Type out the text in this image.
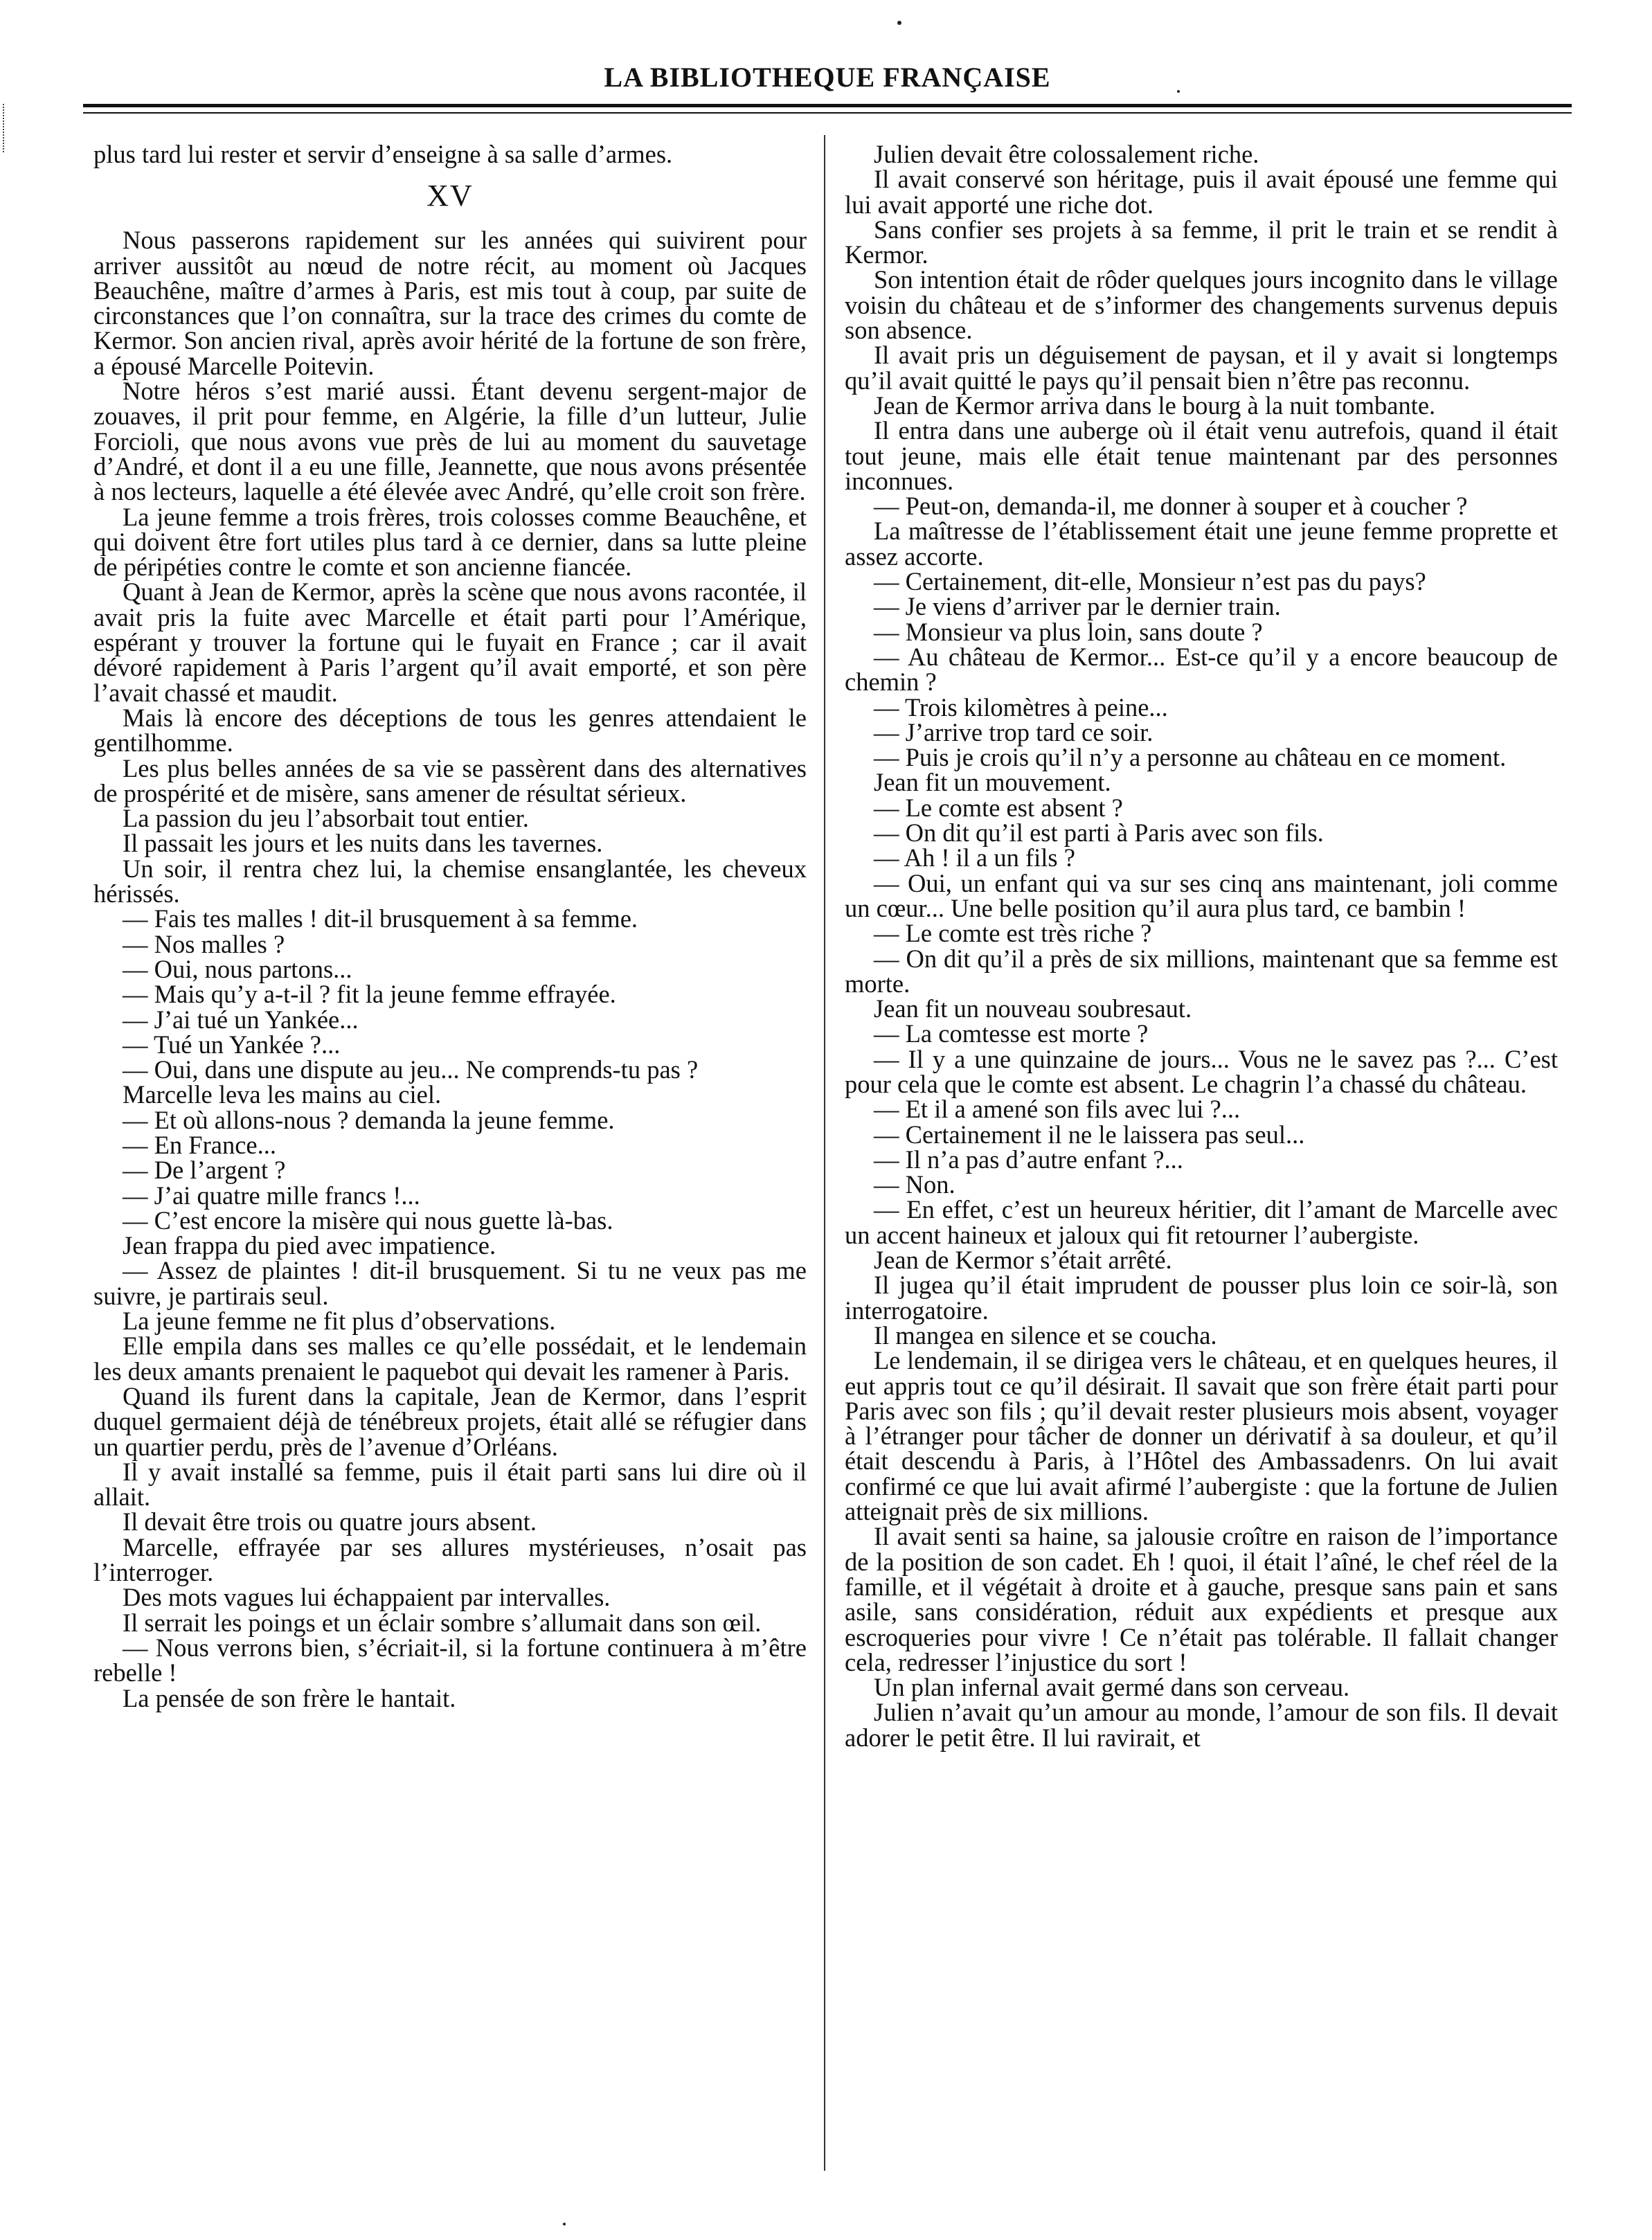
LA BIBLIOTHEQUE FRANÇAISE

plus tard lui rester et servir d’enseigne à sa salle d’armes.

XV

Nous passerons rapidement sur les années qui suivirent pour arriver aussitôt au nœud de notre récit, au moment où Jacques Beauchêne, maître d’armes à Paris, est mis tout à coup, par suite de circonstances que l’on connaîtra, sur la trace des crimes du comte de Kermor. Son ancien rival, après avoir hérité de la fortune de son frère, a épousé Marcelle Poitevin.

Notre héros s’est marié aussi. Étant devenu sergent-major de zouaves, il prit pour femme, en Algérie, la fille d’un lutteur, Julie Forcioli, que nous avons vue près de lui au moment du sauvetage d’André, et dont il a eu une fille, Jeannette, que nous avons présentée à nos lecteurs, laquelle a été élevée avec André, qu’elle croit son frère.

La jeune femme a trois frères, trois colosses comme Beauchêne, et qui doivent être fort utiles plus tard à ce dernier, dans sa lutte pleine de péripéties contre le comte et son ancienne fiancée.

Quant à Jean de Kermor, après la scène que nous avons racontée, il avait pris la fuite avec Marcelle et était parti pour l’Amérique, espérant y trouver la fortune qui le fuyait en France ; car il avait dévoré rapidement à Paris l’argent qu’il avait emporté, et son père l’avait chassé et maudit.

Mais là encore des déceptions de tous les genres attendaient le gentilhomme.

Les plus belles années de sa vie se passèrent dans des alternatives de prospérité et de misère, sans amener de résultat sérieux.

La passion du jeu l’absorbait tout entier.

Il passait les jours et les nuits dans les tavernes.

Un soir, il rentra chez lui, la chemise ensanglantée, les cheveux hérissés.

— Fais tes malles ! dit-il brusquement à sa femme.

— Nos malles ?

— Oui, nous partons...

— Mais qu’y a-t-il ? fit la jeune femme effrayée.

— J’ai tué un Yankée...

— Tué un Yankée ?...

— Oui, dans une dispute au jeu... Ne comprends-tu pas ?

Marcelle leva les mains au ciel.

— Et où allons-nous ? demanda la jeune femme.

— En France...

— De l’argent ?

— J’ai quatre mille francs !...

— C’est encore la misère qui nous guette là-bas.

Jean frappa du pied avec impatience.

— Assez de plaintes ! dit-il brusquement. Si tu ne veux pas me suivre, je partirais seul.

La jeune femme ne fit plus d’observations.

Elle empila dans ses malles ce qu’elle possédait, et le lendemain les deux amants prenaient le paquebot qui devait les ramener à Paris.

Quand ils furent dans la capitale, Jean de Kermor, dans l’esprit duquel germaient déjà de ténébreux projets, était allé se réfugier dans un quartier perdu, près de l’avenue d’Orléans.

Il y avait installé sa femme, puis il était parti sans lui dire où il allait.

Il devait être trois ou quatre jours absent.

Marcelle, effrayée par ses allures mystérieuses, n’osait pas l’interroger.

Des mots vagues lui échappaient par intervalles.

Il serrait les poings et un éclair sombre s’allumait dans son œil.

— Nous verrons bien, s’écriait-il, si la fortune continuera à m’être rebelle !

La pensée de son frère le hantait.

Julien devait être colossalement riche.

Il avait conservé son héritage, puis il avait épousé une femme qui lui avait apporté une riche dot.

Sans confier ses projets à sa femme, il prit le train et se rendit à Kermor.

Son intention était de rôder quelques jours incognito dans le village voisin du château et de s’informer des changements survenus depuis son absence.

Il avait pris un déguisement de paysan, et il y avait si longtemps qu’il avait quitté le pays qu’il pensait bien n’être pas reconnu.

Jean de Kermor arriva dans le bourg à la nuit tombante.

Il entra dans une auberge où il était venu autrefois, quand il était tout jeune, mais elle était tenue maintenant par des personnes inconnues.

— Peut-on, demanda-il, me donner à souper et à coucher ?

La maîtresse de l’établissement était une jeune femme proprette et assez accorte.

— Certainement, dit-elle, Monsieur n’est pas du pays?

— Je viens d’arriver par le dernier train.

— Monsieur va plus loin, sans doute ?

— Au château de Kermor... Est-ce qu’il y a encore beaucoup de chemin ?

— Trois kilomètres à peine...

— J’arrive trop tard ce soir.

— Puis je crois qu’il n’y a personne au château en ce moment.

Jean fit un mouvement.

— Le comte est absent ?

— On dit qu’il est parti à Paris avec son fils.

— Ah ! il a un fils ?

— Oui, un enfant qui va sur ses cinq ans maintenant, joli comme un cœur... Une belle position qu’il aura plus tard, ce bambin !

— Le comte est très riche ?

— On dit qu’il a près de six millions, maintenant que sa femme est morte.

Jean fit un nouveau soubresaut.

— La comtesse est morte ?

— Il y a une quinzaine de jours... Vous ne le savez pas ?... C’est pour cela que le comte est absent. Le chagrin l’a chassé du château.

— Et il a amené son fils avec lui ?...

— Certainement il ne le laissera pas seul...

— Il n’a pas d’autre enfant ?...

— Non.

— En effet, c’est un heureux héritier, dit l’amant de Marcelle avec un accent haineux et jaloux qui fit retourner l’aubergiste.

Jean de Kermor s’était arrêté.

Il jugea qu’il était imprudent de pousser plus loin ce soir-là, son interrogatoire.

Il mangea en silence et se coucha.

Le lendemain, il se dirigea vers le château, et en quelques heures, il eut appris tout ce qu’il désirait. Il savait que son frère était parti pour Paris avec son fils ; qu’il devait rester plusieurs mois absent, voyager à l’étranger pour tâcher de donner un dérivatif à sa douleur, et qu’il était descendu à Paris, à l’Hôtel des Ambassadenrs. On lui avait confirmé ce que lui avait afirmé l’aubergiste : que la fortune de Julien atteignait près de six millions.

Il avait senti sa haine, sa jalousie croître en raison de l’importance de la position de son cadet. Eh ! quoi, il était l’aîné, le chef réel de la famille, et il végétait à droite et à gauche, presque sans pain et sans asile, sans considération, réduit aux expédients et presque aux escroqueries pour vivre ! Ce n’était pas tolérable. Il fallait changer cela, redresser l’injustice du sort !

Un plan infernal avait germé dans son cerveau.

Julien n’avait qu’un amour au monde, l’amour de son fils. Il devait adorer le petit être. Il lui ravirait, et
